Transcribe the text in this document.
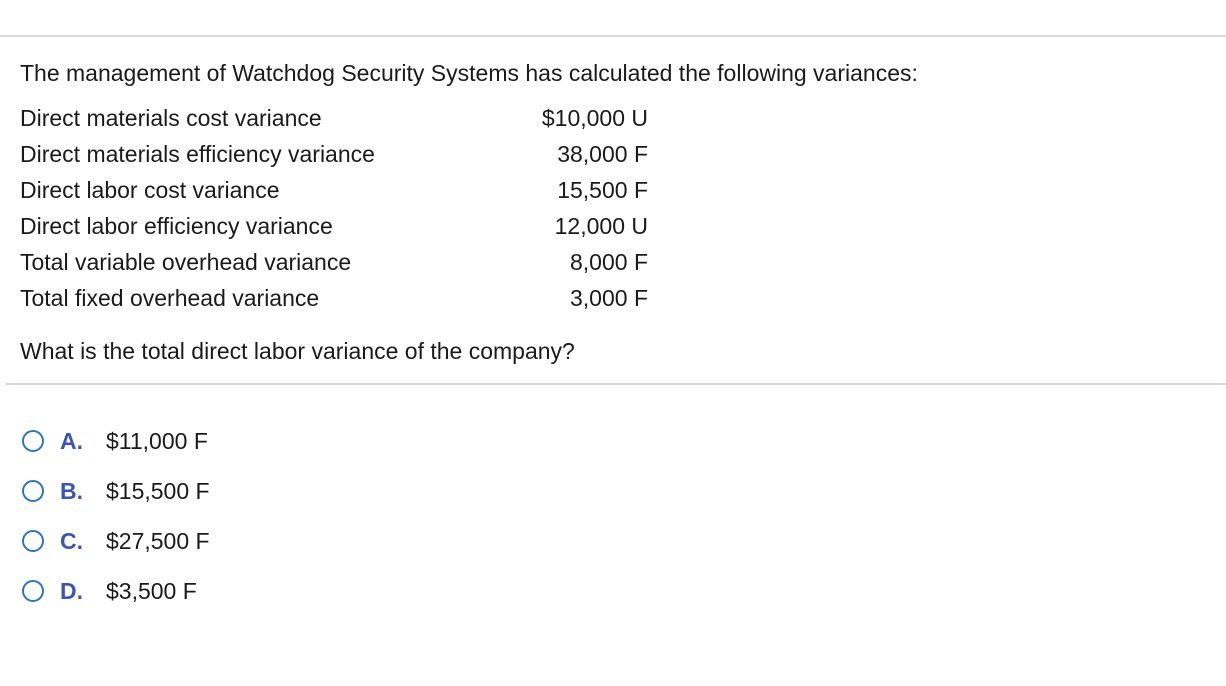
The management of Watchdog Security Systems has calculated the following variances:

Direct materials cost variance	$10,000 U
Direct materials efficiency variance	38,000 F
Direct labor cost variance	15,500 F
Direct labor efficiency variance	12,000 U
Total variable overhead variance	8,000 F
Total fixed overhead variance	3,000 F

What is the total direct labor variance of the company?

A.	$11,000 F
B.	$15,500 F
C.	$27,500 F
D.	$3,500 F
